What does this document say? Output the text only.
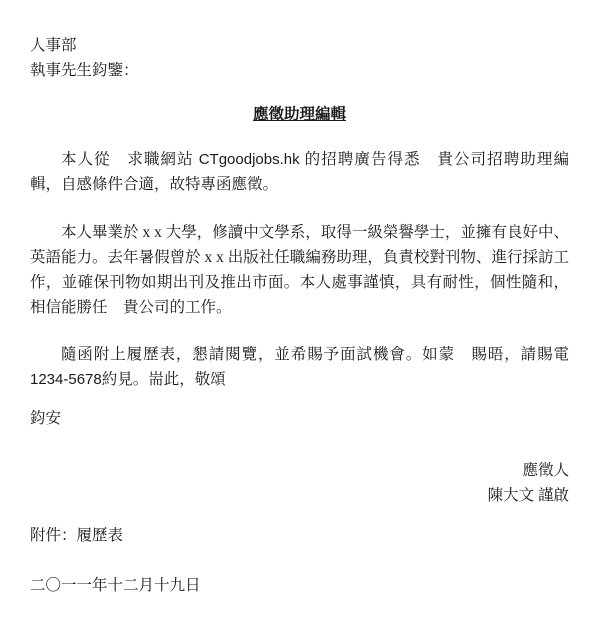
人事部
執事先生鈞鑒：
應徵助理編輯

本人從　求職網站 CTgoodjobs.hk 的招聘廣告得悉　貴公司招聘助理編輯，自感條件合適，故特專函應徵。

本人畢業於 x x 大學，修讀中文學系，取得一級榮譽學士，並擁有良好中、英語能力。去年暑假曾於 x x 出版社任職編務助理，負責校對刊物、進行採訪工作，並確保刊物如期出刊及推出市面。本人處事謹慎，具有耐性，個性隨和，相信能勝任　貴公司的工作。

隨函附上履歷表，懇請閱覽，並希賜予面試機會。如蒙　賜晤，請賜電1234-5678約見。耑此，敬頌

鈞安
應徵人
陳大文 謹啟
附件：履歷表
二〇一一年十二月十九日
